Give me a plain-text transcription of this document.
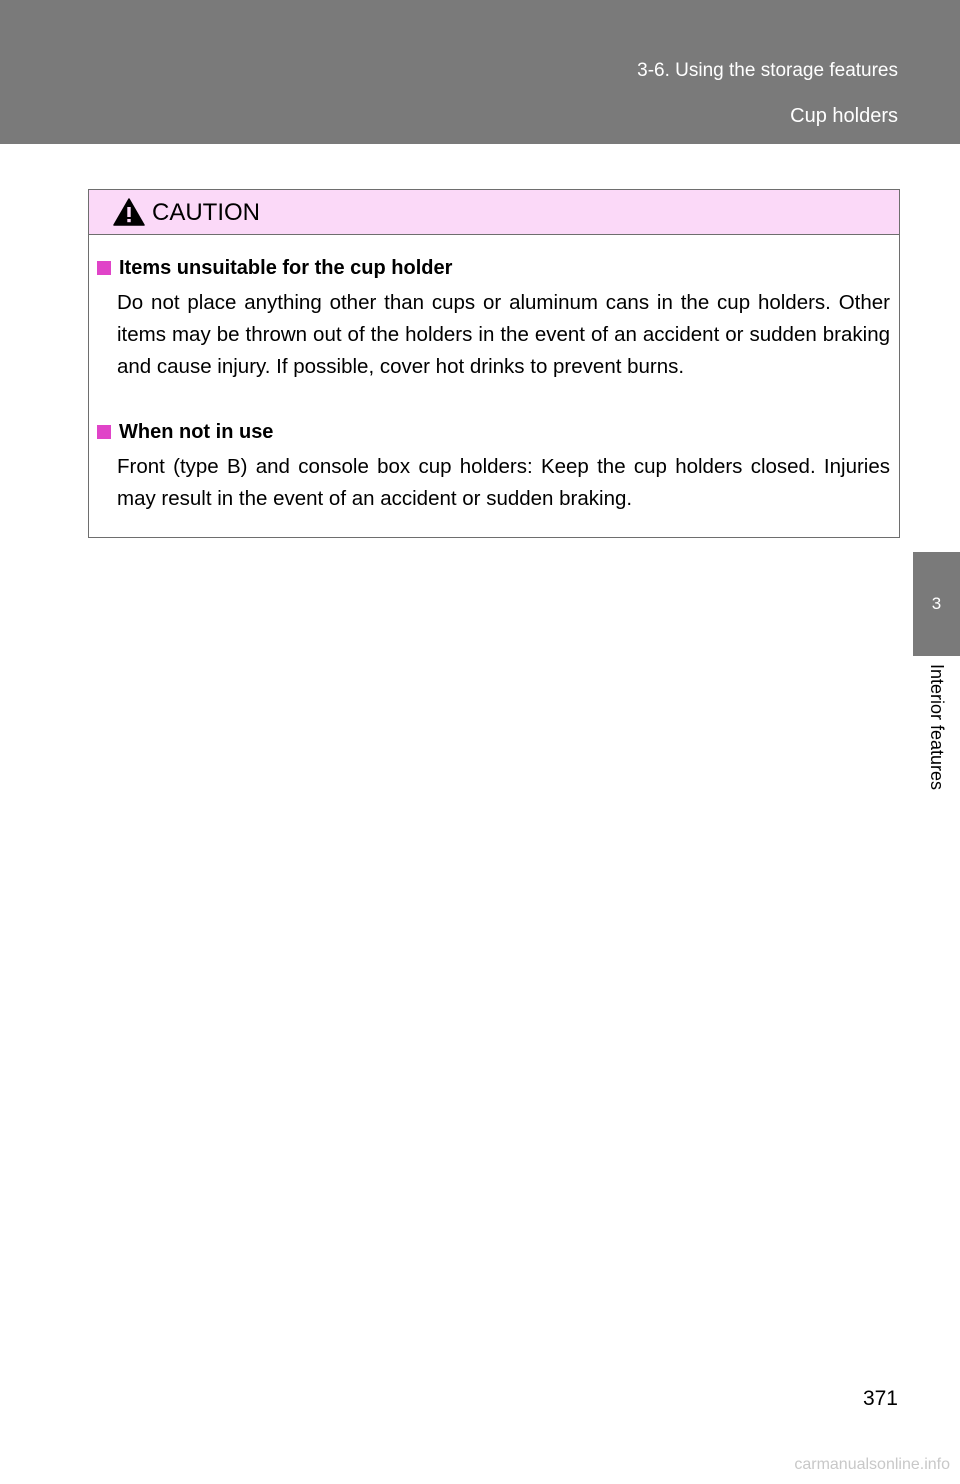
3-6. Using the storage features
Cup holders
3
Interior features
CAUTION
Items unsuitable for the cup holder
Do not place anything other than cups or aluminum cans in the cup holders. Other items may be thrown out of the holders in the event of an accident or sudden braking and cause injury. If possible, cover hot drinks to prevent burns.
When not in use
Front (type B) and console box cup holders: Keep the cup holders closed. Injuries may result in the event of an accident or sudden braking.
371
carmanualsonline.info
